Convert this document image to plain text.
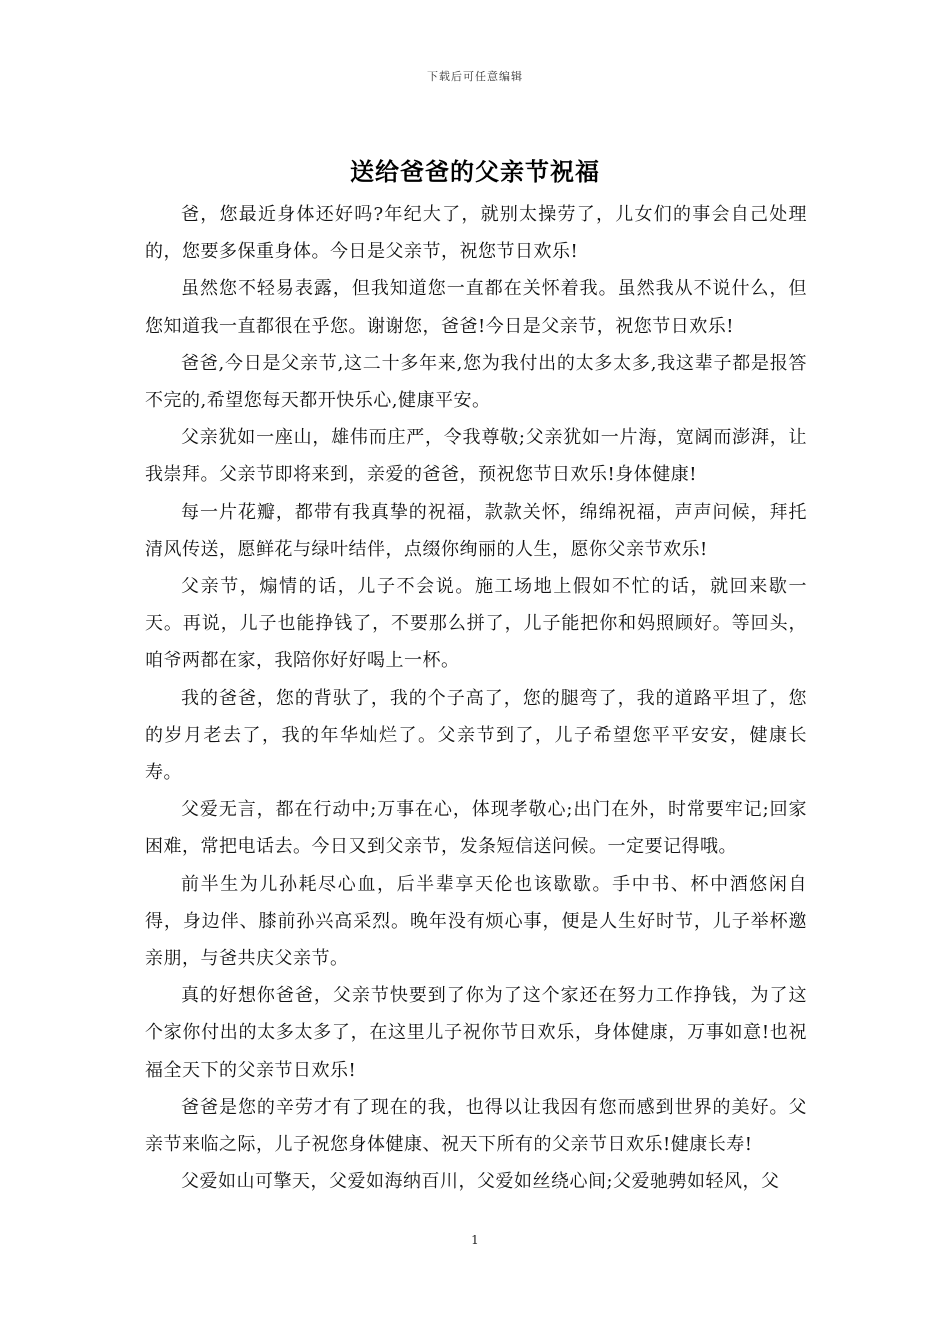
下载后可任意编辑
送给爸爸的父亲节祝福

爸，您最近身体还好吗?年纪大了，就别太操劳了，儿女们的事会自己处理的，您要多保重身体。今日是父亲节，祝您节日欢乐!

虽然您不轻易表露，但我知道您一直都在关怀着我。虽然我从不说什么，但您知道我一直都很在乎您。谢谢您，爸爸!今日是父亲节，祝您节日欢乐!

爸爸,今日是父亲节,这二十多年来,您为我付出的太多太多,我这辈子都是报答不完的,希望您每天都开快乐心,健康平安。

父亲犹如一座山，雄伟而庄严，令我尊敬;父亲犹如一片海，宽阔而澎湃，让我崇拜。父亲节即将来到，亲爱的爸爸，预祝您节日欢乐!身体健康!

每一片花瓣，都带有我真挚的祝福，款款关怀，绵绵祝福，声声问候，拜托清风传送，愿鲜花与绿叶结伴，点缀你绚丽的人生，愿你父亲节欢乐!

父亲节，煽情的话，儿子不会说。施工场地上假如不忙的话，就回来歇一天。再说，儿子也能挣钱了，不要那么拼了，儿子能把你和妈照顾好。等回头，咱爷两都在家，我陪你好好喝上一杯。

我的爸爸，您的背驮了，我的个子高了，您的腿弯了，我的道路平坦了，您的岁月老去了，我的年华灿烂了。父亲节到了，儿子希望您平平安安，健康长寿。

父爱无言，都在行动中;万事在心，体现孝敬心;出门在外，时常要牢记;回家困难，常把电话去。今日又到父亲节，发条短信送问候。一定要记得哦。

前半生为儿孙耗尽心血，后半辈享天伦也该歇歇。手中书、杯中酒悠闲自得，身边伴、膝前孙兴高采烈。晚年没有烦心事，便是人生好时节，儿子举杯邀亲朋，与爸共庆父亲节。

真的好想你爸爸，父亲节快要到了你为了这个家还在努力工作挣钱，为了这个家你付出的太多太多了，在这里儿子祝你节日欢乐，身体健康，万事如意!也祝福全天下的父亲节日欢乐!

爸爸是您的辛劳才有了现在的我，也得以让我因有您而感到世界的美好。父亲节来临之际，儿子祝您身体健康、祝天下所有的父亲节日欢乐!健康长寿!

父爱如山可擎天，父爱如海纳百川，父爱如丝绕心间;父爱驰骋如轻风，父

1
